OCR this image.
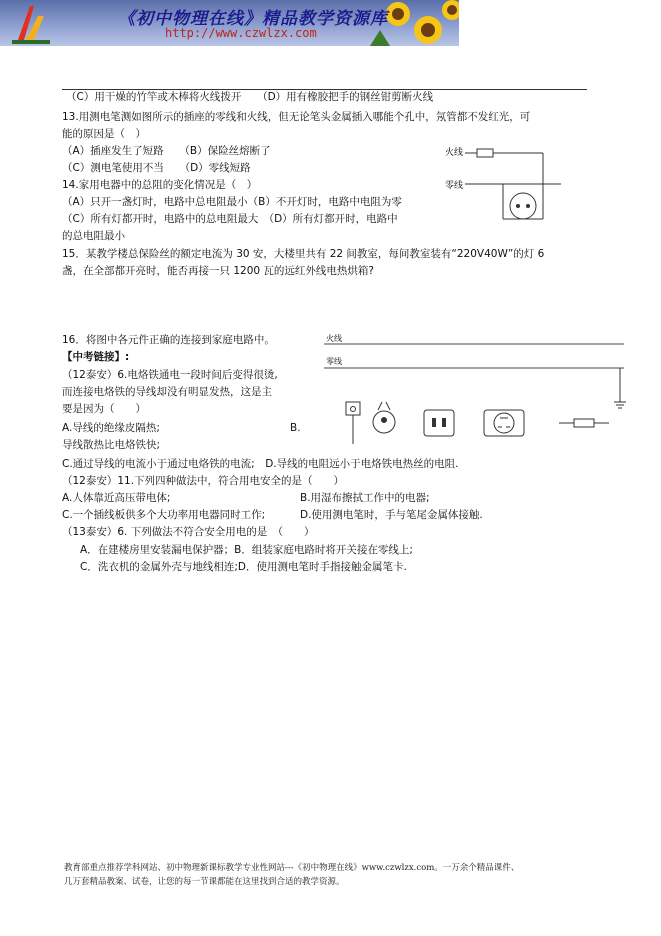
《初中物理在线》精品教学资源库
http://www.czwlzx.com
（C）用干燥的竹竿或木棒将火线拨开　　（D）用有橡胶把手的钢丝钳剪断火线
13.用测电笔测如图所示的插座的零线和火线，但无论笔头金属插入哪能个孔中，氖管都不发红光，可
能的原因是（　）
（A）插座发生了短路　　（B）保险丝熔断了
（C）测电笔使用不当　　（D）零线短路
14.家用电器中的总阻的变化情况是（　）
（A）只开一盏灯时，电路中总电阻最小（B）不开灯时，电路中电阻为零
（C）所有灯都开时，电路中的总电阻最大　（D）所有灯都开时，电路中
的总电阻最小
15．某教学楼总保险丝的额定电流为 30 安，大楼里共有 22 间教室，每间教室装有“220V40W”的灯 6
盏，在全部都开亮时，能否再接一只 1200 瓦的远红外线电热烘箱?
16．将图中各元件正确的连接到家庭电路中。
【中考链接】:
（12泰安）6.电烙铁通电一段时间后变得很烫,
而连接电烙铁的导线却没有明显发热，这是主
要是因为（　　）
A.导线的绝缘皮隔热;	B.
导线散热比电烙铁快;
C.通过导线的电流小于通过电烙铁的电流;　D.导线的电阻远小于电烙铁电热丝的电阻.
（12泰安）11.下列四种做法中，符合用电安全的是（　　）
A.人体靠近高压带电体;	B.用湿布擦拭工作中的电器;
C.一个插线板供多个大功率用电器同时工作;	D.使用测电笔时，手与笔尾金属体接触.
（13泰安）6. 下列做法不符合安全用电的是　（　　）
A．在建楼房里安装漏电保护器；B．组装家庭电路时将开关接在零线上;
C．洗衣机的金属外壳与地线相连;D．使用测电笔时手指接触金属笔卡.
火线
零线
火线
零线
教育部重点推荐学科网站、初中物理新课标教学专业性网站---《初中物理在线》www.czwlzx.com。一万余个精品课件、
几万套精品教案、试卷，让您的每一节课都能在这里找到合适的教学资源。
